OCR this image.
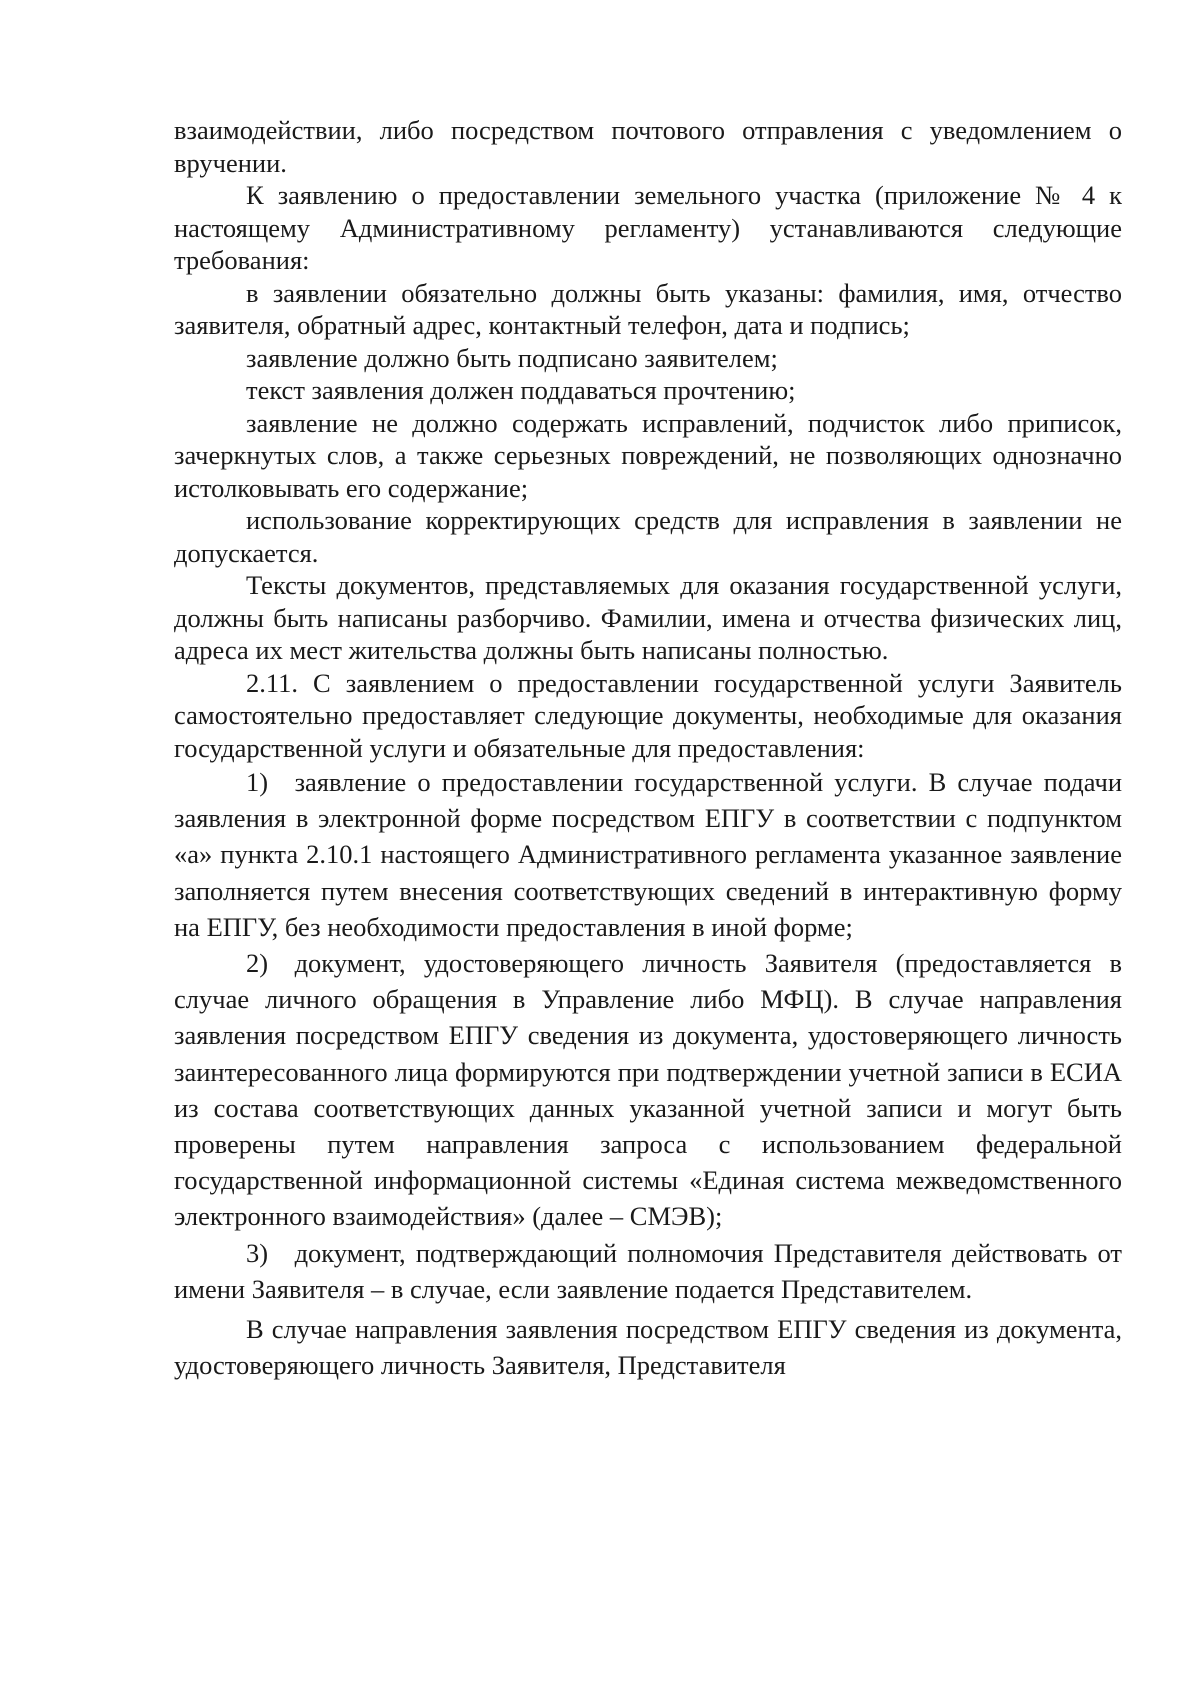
взаимодействии, либо посредством почтового отправления с уведомлением о вручении.

К заявлению о предоставлении земельного участка (приложение № 4 к настоящему Административному регламенту) устанавливаются следующие требования:

в заявлении обязательно должны быть указаны: фамилия, имя, отчество заявителя, обратный адрес, контактный телефон, дата и подпись;

заявление должно быть подписано заявителем;

текст заявления должен поддаваться прочтению;

заявление не должно содержать исправлений, подчисток либо приписок, зачеркнутых слов, а также серьезных повреждений, не позволяющих однозначно истолковывать его содержание;

использование корректирующих средств для исправления в заявлении не допускается.

Тексты документов, представляемых для оказания государственной услуги, должны быть написаны разборчиво. Фамилии, имена и отчества физических лиц, адреса их мест жительства должны быть написаны полностью.

2.11. С заявлением о предоставлении государственной услуги Заявитель самостоятельно предоставляет следующие документы, необходимые для оказания государственной услуги и обязательные для предоставления:

1) заявление о предоставлении государственной услуги. В случае подачи заявления в электронной форме посредством ЕПГУ в соответствии с подпунктом «а» пункта 2.10.1 настоящего Административного регламента указанное заявление заполняется путем внесения соответствующих сведений в интерактивную форму на ЕПГУ, без необходимости предоставления в иной форме;

2) документ, удостоверяющего личность Заявителя (предоставляется в случае личного обращения в Управление либо МФЦ). В случае направления заявления посредством ЕПГУ сведения из документа, удостоверяющего личность заинтересованного лица формируются при подтверждении учетной записи в ЕСИА из состава соответствующих данных указанной учетной записи и могут быть проверены путем направления запроса с использованием федеральной государственной информационной системы «Единая система межведомственного электронного взаимодействия» (далее – СМЭВ);

3) документ, подтверждающий полномочия Представителя действовать от имени Заявителя – в случае, если заявление подается Представителем.

В случае направления заявления посредством ЕПГУ сведения из документа, удостоверяющего личность Заявителя, Представителя
